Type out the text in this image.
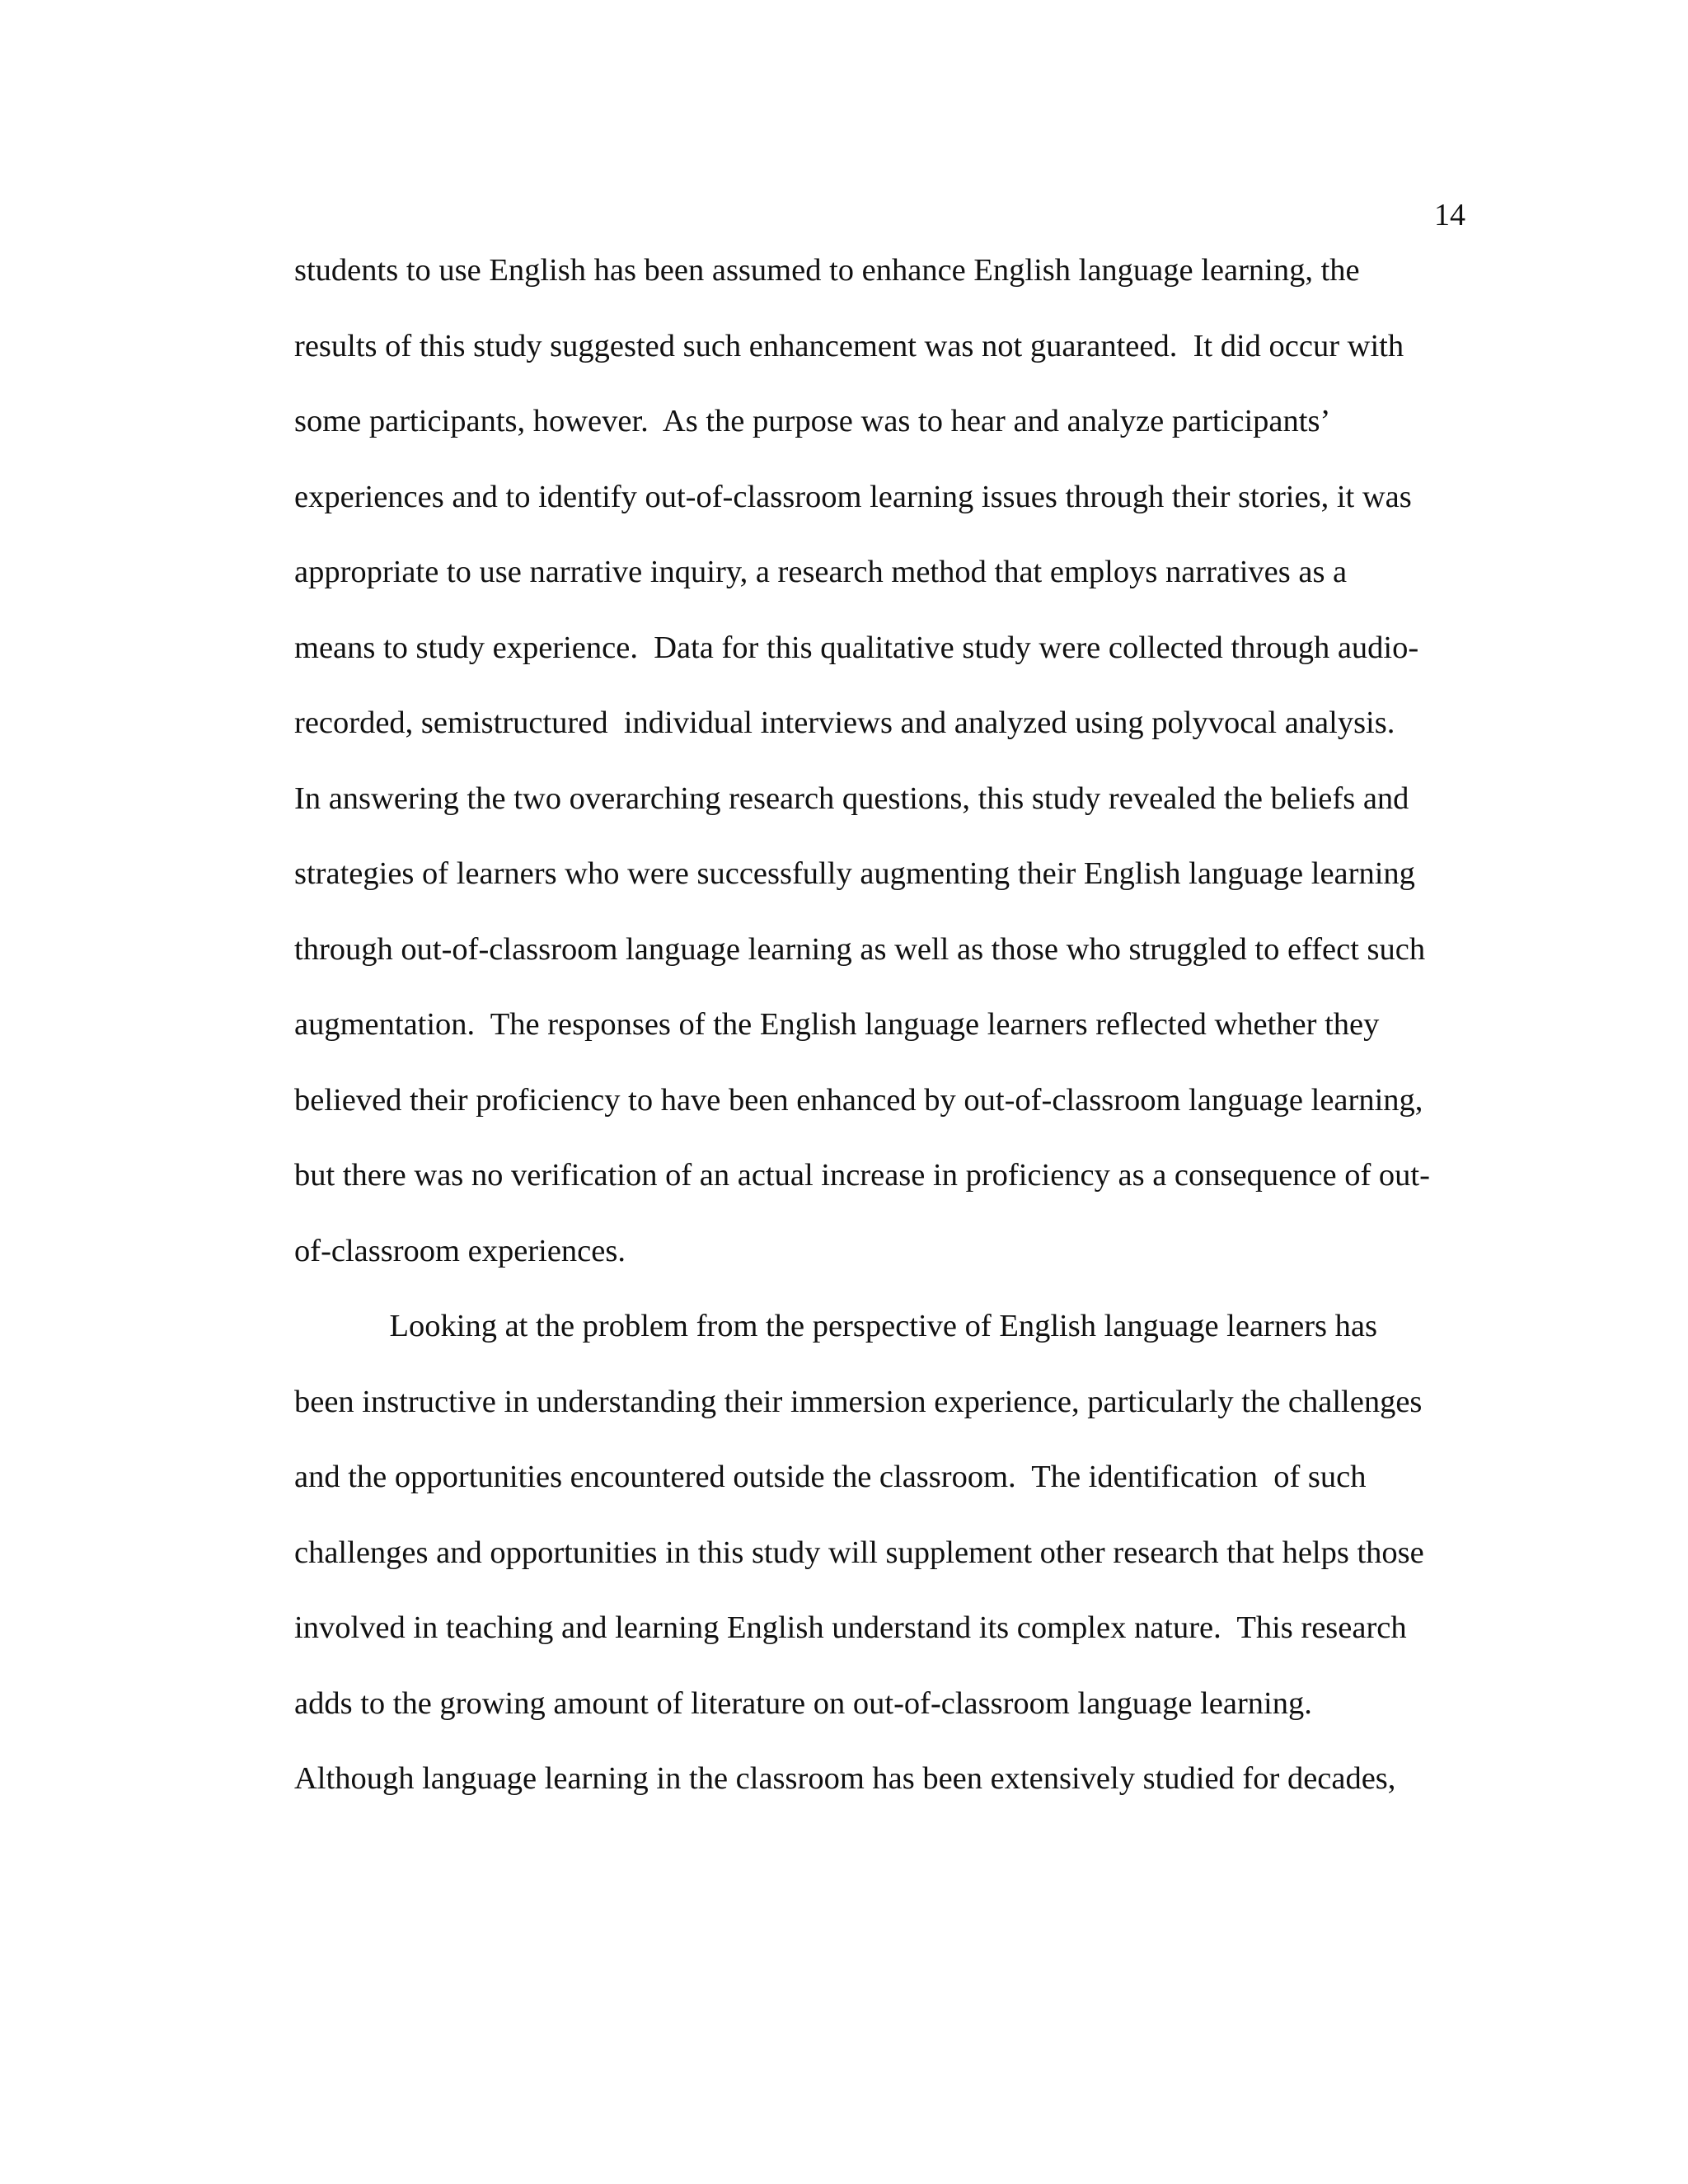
14
students to use English has been assumed to enhance English language learning, the
results of this study suggested such enhancement was not guaranteed.  It did occur with
some participants, however.  As the purpose was to hear and analyze participants’
experiences and to identify out-of-classroom learning issues through their stories, it was
appropriate to use narrative inquiry, a research method that employs narratives as a
means to study experience.  Data for this qualitative study were collected through audio-
recorded, semistructured  individual interviews and analyzed using polyvocal analysis.
In answering the two overarching research questions, this study revealed the beliefs and
strategies of learners who were successfully augmenting their English language learning
through out-of-classroom language learning as well as those who struggled to effect such
augmentation.  The responses of the English language learners reflected whether they
believed their proficiency to have been enhanced by out-of-classroom language learning,
but there was no verification of an actual increase in proficiency as a consequence of out-
of-classroom experiences.
Looking at the problem from the perspective of English language learners has
been instructive in understanding their immersion experience, particularly the challenges
and the opportunities encountered outside the classroom.  The identification  of such
challenges and opportunities in this study will supplement other research that helps those
involved in teaching and learning English understand its complex nature.  This research
adds to the growing amount of literature on out-of-classroom language learning.
Although language learning in the classroom has been extensively studied for decades,
